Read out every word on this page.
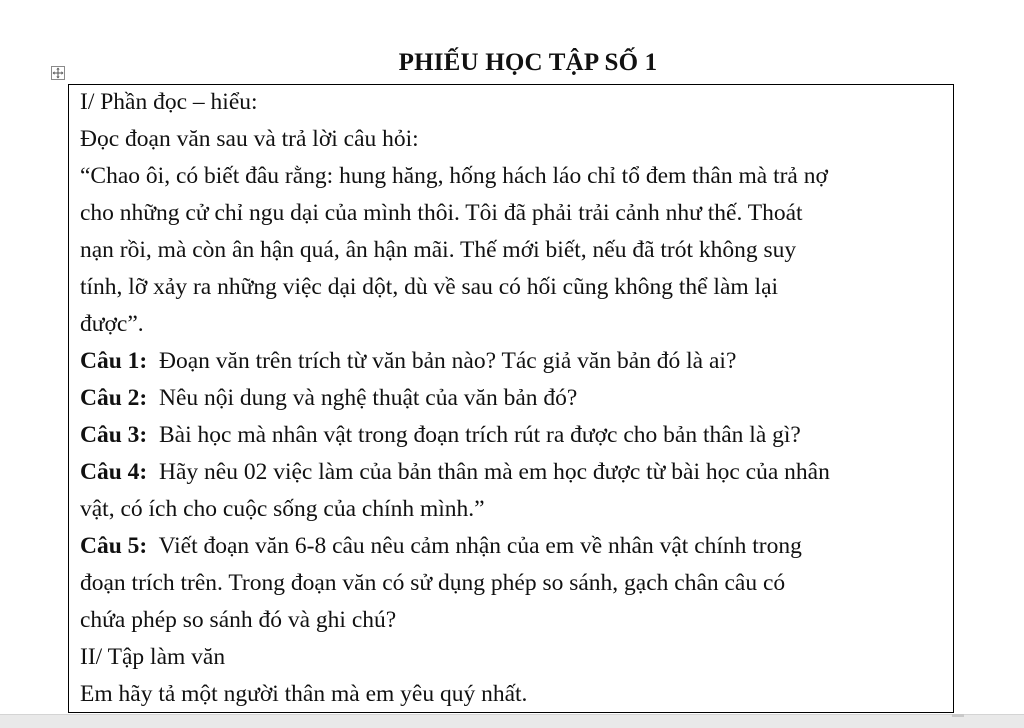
PHIẾU HỌC TẬP SỐ 1
I/ Phần đọc – hiểu:
Đọc đoạn văn sau và trả lời câu hỏi:
“Chao ôi, có biết đâu rằng: hung hăng, hống hách láo chỉ tổ đem thân mà trả nợ
cho những cử chỉ ngu dại của mình thôi. Tôi đã phải trải cảnh như thế. Thoát
nạn rồi, mà còn ân hận quá, ân hận mãi. Thế mới biết, nếu đã trót không suy
tính, lỡ xảy ra những việc dại dột, dù về sau có hối cũng không thể làm lại
được”.
Câu 1: Đoạn văn trên trích từ văn bản nào? Tác giả văn bản đó là ai?
Câu 2: Nêu nội dung và nghệ thuật của văn bản đó?
Câu 3: Bài học mà nhân vật trong đoạn trích rút ra được cho bản thân là gì?
Câu 4: Hãy nêu 02 việc làm của bản thân mà em học được từ bài học của nhân
vật, có ích cho cuộc sống của chính mình.”
Câu 5: Viết đoạn văn 6-8 câu nêu cảm nhận của em về nhân vật chính trong
đoạn trích trên. Trong đoạn văn có sử dụng phép so sánh, gạch chân câu có
chứa phép so sánh đó và ghi chú?
II/ Tập làm văn
Em hãy tả một người thân mà em yêu quý nhất.
